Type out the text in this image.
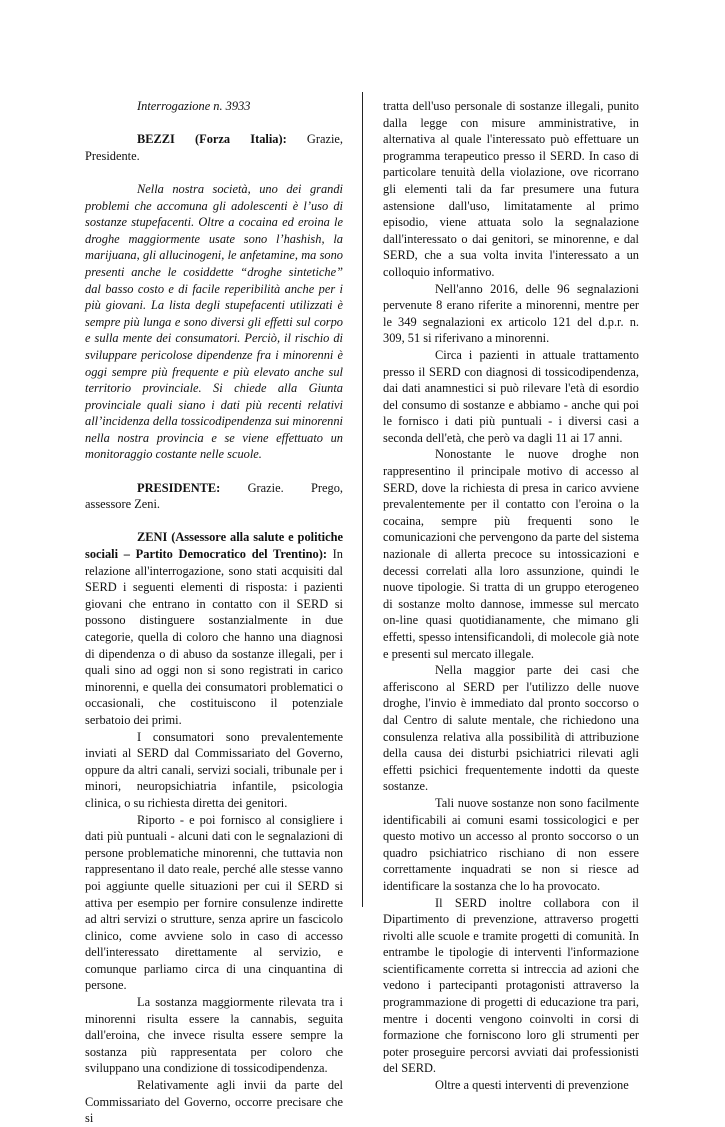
Interrogazione n. 3933

BEZZI (Forza Italia): Grazie, Presidente.

Nella nostra società, uno dei grandi problemi che accomuna gli adolescenti è l’uso di sostanze stupefacenti. Oltre a cocaina ed eroina le droghe maggiormente usate sono l’hashish, la marijuana, gli allucinogeni, le anfetamine, ma sono presenti anche le cosiddette “droghe sintetiche” dal basso costo e di facile reperibilità anche per i più giovani. La lista degli stupefacenti utilizzati è sempre più lunga e sono diversi gli effetti sul corpo e sulla mente dei consumatori. Perciò, il rischio di sviluppare pericolose dipendenze fra i minorenni è oggi sempre più frequente e più elevato anche sul territorio provinciale. Si chiede alla Giunta provinciale quali siano i dati più recenti relativi all’incidenza della tossicodipendenza sui minorenni nella nostra provincia e se viene effettuato un monitoraggio costante nelle scuole.

PRESIDENTE: Grazie. Prego, assessore Zeni.

ZENI (Assessore alla salute e politiche sociali – Partito Democratico del Trentino): In relazione all'interrogazione, sono stati acquisiti dal SERD i seguenti elementi di risposta: i pazienti giovani che entrano in contatto con il SERD si possono distinguere sostanzialmente in due categorie, quella di coloro che hanno una diagnosi di dipendenza o di abuso da sostanze illegali, per i quali sino ad oggi non si sono registrati in carico minorenni, e quella dei consumatori problematici o occasionali, che costituiscono il potenziale serbatoio dei primi.

I consumatori sono prevalentemente inviati al SERD dal Commissariato del Governo, oppure da altri canali, servizi sociali, tribunale per i minori, neuropsichiatria infantile, psicologia clinica, o su richiesta diretta dei genitori.

Riporto - e poi fornisco al consigliere i dati più puntuali - alcuni dati con le segnalazioni di persone problematiche minorenni, che tuttavia non rappresentano il dato reale, perché alle stesse vanno poi aggiunte quelle situazioni per cui il SERD si attiva per esempio per fornire consulenze indirette ad altri servizi o strutture, senza aprire un fascicolo clinico, come avviene solo in caso di accesso dell'interessato direttamente al servizio, e comunque parliamo circa di una cinquantina di persone.

La sostanza maggiormente rilevata tra i minorenni risulta essere la cannabis, seguita dall'eroina, che invece risulta essere sempre la sostanza più rappresentata per coloro che sviluppano una condizione di tossicodipendenza.

Relativamente agli invii da parte del Commissariato del Governo, occorre precisare che si

tratta dell'uso personale di sostanze illegali, punito dalla legge con misure amministrative, in alternativa al quale l'interessato può effettuare un programma terapeutico presso il SERD. In caso di particolare tenuità della violazione, ove ricorrano gli elementi tali da far presumere una futura astensione dall'uso, limitatamente al primo episodio, viene attuata solo la segnalazione dall'interessato o dai genitori, se minorenne, e dal SERD, che a sua volta invita l'interessato a un colloquio informativo.

Nell'anno 2016, delle 96 segnalazioni pervenute 8 erano riferite a minorenni, mentre per le 349 segnalazioni ex articolo 121 del d.p.r. n. 309, 51 si riferivano a minorenni.

Circa i pazienti in attuale trattamento presso il SERD con diagnosi di tossicodipendenza, dai dati anamnestici si può rilevare l'età di esordio del consumo di sostanze e abbiamo - anche qui poi le fornisco i dati più puntuali - i diversi casi a seconda dell'età, che però va dagli 11 ai 17 anni.

Nonostante le nuove droghe non rappresentino il principale motivo di accesso al SERD, dove la richiesta di presa in carico avviene prevalentemente per il contatto con l'eroina o la cocaina, sempre più frequenti sono le comunicazioni che pervengono da parte del sistema nazionale di allerta precoce su intossicazioni e decessi correlati alla loro assunzione, quindi le nuove tipologie. Si tratta di un gruppo eterogeneo di sostanze molto dannose, immesse sul mercato on-line quasi quotidianamente, che mimano gli effetti, spesso intensificandoli, di molecole già note e presenti sul mercato illegale.

Nella maggior parte dei casi che afferiscono al SERD per l'utilizzo delle nuove droghe, l'invio è immediato dal pronto soccorso o dal Centro di salute mentale, che richiedono una consulenza relativa alla possibilità di attribuzione della causa dei disturbi psichiatrici rilevati agli effetti psichici frequentemente indotti da queste sostanze.

Tali nuove sostanze non sono facilmente identificabili ai comuni esami tossicologici e per questo motivo un accesso al pronto soccorso o un quadro psichiatrico rischiano di non essere correttamente inquadrati se non si riesce ad identificare la sostanza che lo ha provocato.

Il SERD inoltre collabora con il Dipartimento di prevenzione, attraverso progetti rivolti alle scuole e tramite progetti di comunità. In entrambe le tipologie di interventi l'informazione scientificamente corretta si intreccia ad azioni che vedono i partecipanti protagonisti attraverso la programmazione di progetti di educazione tra pari, mentre i docenti vengono coinvolti in corsi di formazione che forniscono loro gli strumenti per poter proseguire percorsi avviati dai professionisti del SERD.

Oltre a questi interventi di prevenzione
